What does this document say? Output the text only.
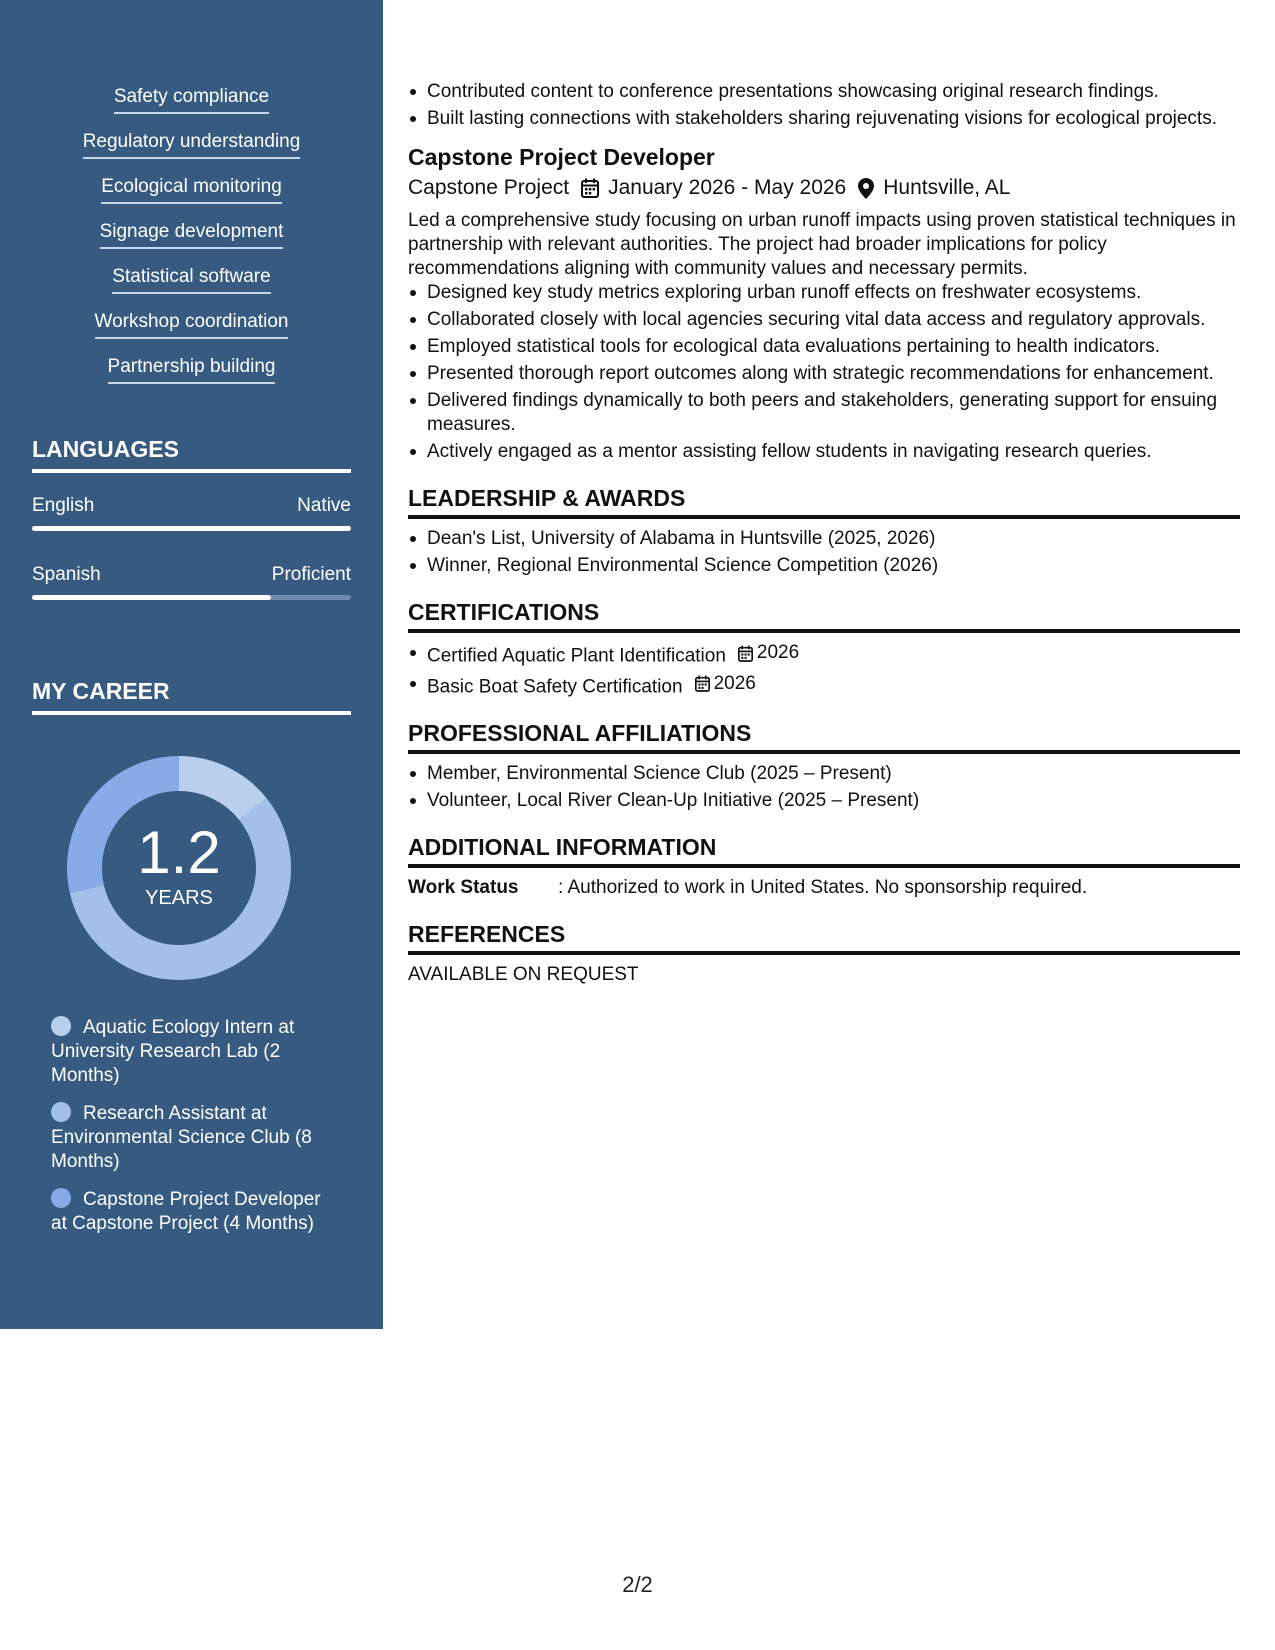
Safety compliance
Regulatory understanding
Ecological monitoring
Signage development
Statistical software
Workshop coordination
Partnership building
LANGUAGES
English	Native
Spanish	Proficient
MY CAREER
1.2
YEARS
Aquatic Ecology Intern at University Research Lab (2 Months)
Research Assistant at Environmental Science Club (8 Months)
Capstone Project Developer at Capstone Project (4 Months)
Contributed content to conference presentations showcasing original research findings.
Built lasting connections with stakeholders sharing rejuvenating visions for ecological projects.
Capstone Project Developer
Capstone Project January 2026 - May 2026 Huntsville, AL
Led a comprehensive study focusing on urban runoff impacts using proven statistical techniques in partnership with relevant authorities. The project had broader implications for policy recommendations aligning with community values and necessary permits.
Designed key study metrics exploring urban runoff effects on freshwater ecosystems.
Collaborated closely with local agencies securing vital data access and regulatory approvals.
Employed statistical tools for ecological data evaluations pertaining to health indicators.
Presented thorough report outcomes along with strategic recommendations for enhancement.
Delivered findings dynamically to both peers and stakeholders, generating support for ensuing measures.
Actively engaged as a mentor assisting fellow students in navigating research queries.
LEADERSHIP & AWARDS
Dean's List, University of Alabama in Huntsville (2025, 2026)
Winner, Regional Environmental Science Competition (2026)
CERTIFICATIONS
Certified Aquatic Plant Identification 2026
Basic Boat Safety Certification 2026
PROFESSIONAL AFFILIATIONS
Member, Environmental Science Club (2025 – Present)
Volunteer, Local River Clean-Up Initiative (2025 – Present)
ADDITIONAL INFORMATION
Work Status	: Authorized to work in United States. No sponsorship required.
REFERENCES
AVAILABLE ON REQUEST
2/2
